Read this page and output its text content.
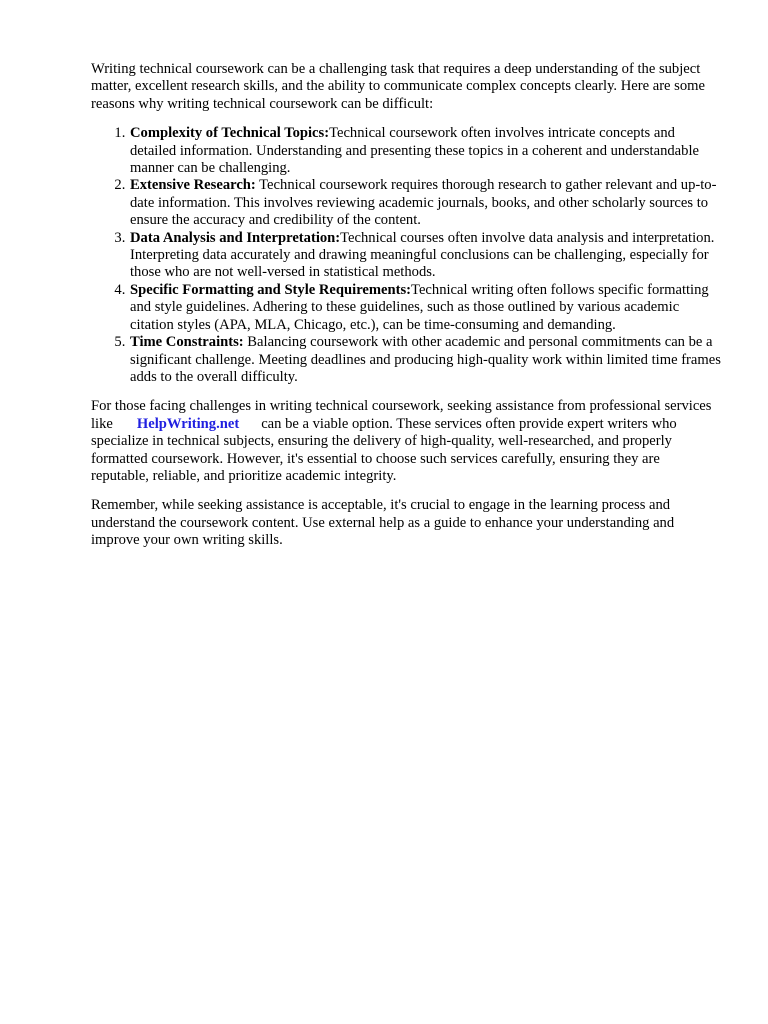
Writing technical coursework can be a challenging task that requires a deep understanding of the subject matter, excellent research skills, and the ability to communicate complex concepts clearly. Here are some reasons why writing technical coursework can be difficult:

1. Complexity of Technical Topics:Technical coursework often involves intricate concepts and detailed information. Understanding and presenting these topics in a coherent and understandable manner can be challenging.
2. Extensive Research: Technical coursework requires thorough research to gather relevant and up-to-date information. This involves reviewing academic journals, books, and other scholarly sources to ensure the accuracy and credibility of the content.
3. Data Analysis and Interpretation:Technical courses often involve data analysis and interpretation. Interpreting data accurately and drawing meaningful conclusions can be challenging, especially for those who are not well-versed in statistical methods.
4. Specific Formatting and Style Requirements:Technical writing often follows specific formatting and style guidelines. Adhering to these guidelines, such as those outlined by various academic citation styles (APA, MLA, Chicago, etc.), can be time-consuming and demanding.
5. Time Constraints: Balancing coursework with other academic and personal commitments can be a significant challenge. Meeting deadlines and producing high-quality work within limited time frames adds to the overall difficulty.

For those facing challenges in writing technical coursework, seeking assistance from professional services like HelpWriting.net can be a viable option. These services often provide expert writers who specialize in technical subjects, ensuring the delivery of high-quality, well-researched, and properly formatted coursework. However, it's essential to choose such services carefully, ensuring they are reputable, reliable, and prioritize academic integrity.

Remember, while seeking assistance is acceptable, it's crucial to engage in the learning process and understand the coursework content. Use external help as a guide to enhance your understanding and improve your own writing skills.
